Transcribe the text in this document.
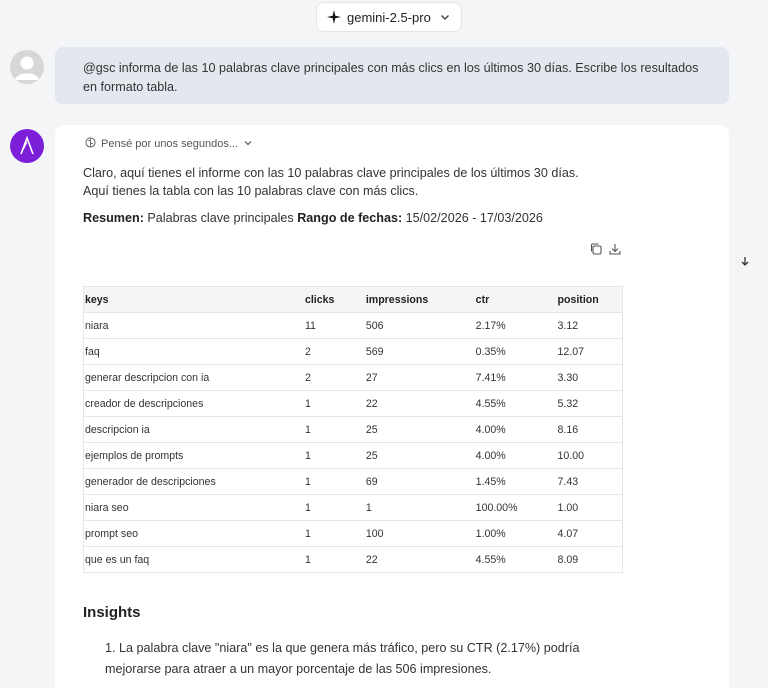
gemini-2.5-pro
@gsc informa de las 10 palabras clave principales con más clics en los últimos 30 días. Escribe los resultados en formato tabla.
Pensé por unos segundos...
Claro, aquí tienes el informe con las 10 palabras clave principales de los últimos 30 días.
Aquí tienes la tabla con las 10 palabras clave con más clics.
Resumen: Palabras clave principales Rango de fechas: 15/02/2026 - 17/03/2026
keys	clicks	impressions	ctr	position
niara	11	506	2.17%	3.12
faq	2	569	0.35%	12.07
generar descripcion con ia	2	27	7.41%	3.30
creador de descripciones	1	22	4.55%	5.32
descripcion ia	1	25	4.00%	8.16
ejemplos de prompts	1	25	4.00%	10.00
generador de descripciones	1	69	1.45%	7.43
niara seo	1	1	100.00%	1.00
prompt seo	1	100	1.00%	4.07
que es un faq	1	22	4.55%	8.09
Insights
1. La palabra clave "niara" es la que genera más tráfico, pero su CTR (2.17%) podría mejorarse para atraer a un mayor porcentaje de las 506 impresiones.
